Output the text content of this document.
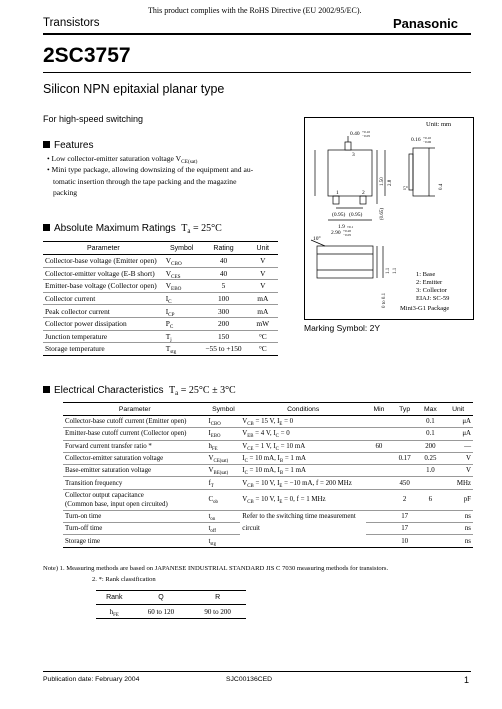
This product complies with the RoHS Directive (EU 2002/95/EC).
Transistors	Panasonic
2SC3757
Silicon NPN epitaxial planar type
For high-speed switching
Features
• Low collector-emitter saturation voltage $V_{CE(sat)}$
• Mini type package, allowing downsizing of the equipment and au-
tomatic insertion through the tape packing and the magazine
packing
Absolute Maximum Ratings $T_a = 25^\circ C$
Parameter	Symbol	Rating	Unit
Collector-base voltage (Emitter open)	$V_{CBO}$	40	V
Collector-emitter voltage (E-B short)	$V_{CES}$	40	V
Emitter-base voltage (Collector open)	$V_{EBO}$	5	V
Collector current	$I_C$	100	mA
Peak collector current	$I_{CP}$	300	mA
Collector power dissipation	$P_C$	200	mW
Junction temperature	$T_j$	150	°C
Storage temperature	$T_{stg}$	−55 to +150	°C
Unit: mm
0.40 +0.10
−0.05
0.16 +0.10
−0.06
3
1	2
(0.95) (0.95)
1.9 ±0.1
2.90 +0.20
−0.05
5°
10°
1.50 2.8
(0.65)
0.4
1.1 1.1
0 to 0.1
1: Base
2: Emitter
3: Collector
EIAJ: SC-59
Mini3-G1 Package
Marking Symbol: 2Y
Electrical Characteristics $T_a = 25^\circ C \pm 3^\circ C$
Parameter	Symbol	Conditions	Min	Typ	Max	Unit
Collector-base cutoff current (Emitter open)	$I_{CBO}$	$V_{CB} = 15$ V, $I_E = 0$			0.1	μA
Emitter-base cutoff current (Collector open)	$I_{EBO}$	$V_{EB} = 4$ V, $I_C = 0$			0.1	μA
Forward current transfer ratio *	$h_{FE}$	$V_{CE} = 1$ V, $I_C = 10$ mA	60		200	—
Collector-emitter saturation voltage	$V_{CE(sat)}$	$I_C = 10$ mA, $I_B = 1$ mA		0.17	0.25	V
Base-emitter saturation voltage	$V_{BE(sat)}$	$I_C = 10$ mA, $I_B = 1$ mA			1.0	V
Transition frequency	$f_T$	$V_{CB} = 10$ V, $I_E = -10$ mA, f = 200 MHz		450		MHz
Collector output capacitance
(Common base, input open circuited)	$C_{ob}$	$V_{CB} = 10$ V, $I_E = 0$, f = 1 MHz		2	6	pF
Turn-on time	$t_{on}$	Refer to the switching time measurement		17		ns
Turn-off time	$t_{off}$	circuit		17		ns
Storage time	$t_{stg}$			10		ns
Note) 1. Measuring methods are based on JAPANESE INDUSTRIAL STANDARD JIS C 7030 measuring methods for transistors.
2. *: Rank classification
Rank	Q	R
$h_{FE}$	60 to 120	90 to 200
Publication date: February 2004	SJC00136CED	1
